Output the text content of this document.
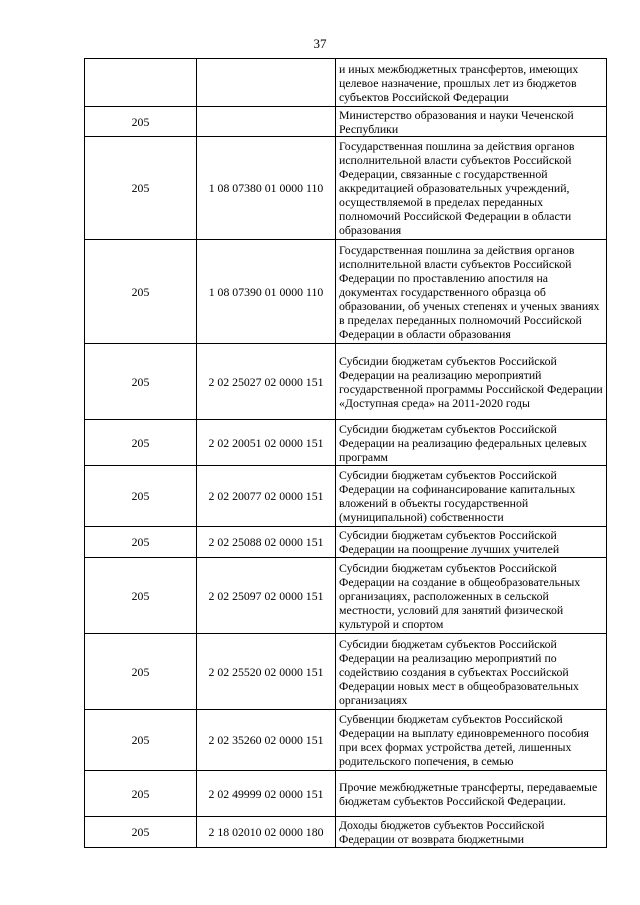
37
		и иных межбюджетных трансфертов, имеющих целевое назначение, прошлых лет из бюджетов субъектов Российской Федерации
205		Министерство образования и науки Чеченской Республики
205	1 08 07380 01 0000 110	Государственная пошлина за действия органов исполнительной власти субъектов Российской Федерации, связанные с государственной аккредитацией образовательных учреждений, осуществляемой в пределах переданных полномочий Российской Федерации в области образования
205	1 08 07390 01 0000 110	Государственная пошлина за действия органов исполнительной власти субъектов Российской Федерации по проставлению апостиля на документах государственного образца об образовании, об ученых степенях и ученых званиях в пределах переданных полномочий Российской Федерации в области образования
205	2 02 25027 02 0000 151	Субсидии бюджетам субъектов Российской Федерации на реализацию мероприятий государственной программы Российской Федерации «Доступная среда» на 2011-2020 годы
205	2 02 20051 02 0000 151	Субсидии бюджетам субъектов Российской Федерации на реализацию федеральных целевых программ
205	2 02 20077 02 0000 151	Субсидии бюджетам субъектов Российской Федерации на софинансирование капитальных вложений в объекты государственной (муниципальной) собственности
205	2 02 25088 02 0000 151	Субсидии бюджетам субъектов Российской Федерации на поощрение лучших учителей
205	2 02 25097 02 0000 151	Субсидии бюджетам субъектов Российской Федерации на создание в общеобразовательных организациях, расположенных в сельской местности, условий для занятий физической культурой и спортом
205	2 02 25520 02 0000 151	Субсидии бюджетам субъектов Российской Федерации на реализацию мероприятий по содействию создания в субъектах Российской Федерации новых мест в общеобразовательных организациях
205	2 02 35260 02 0000 151	Субвенции бюджетам субъектов Российской Федерации на выплату единовременного пособия при всех формах устройства детей, лишенных родительского попечения, в семью
205	2 02 49999 02 0000 151	Прочие межбюджетные трансферты, передаваемые бюджетам субъектов Российской Федерации.
205	2 18 02010 02 0000 180	Доходы бюджетов субъектов Российской Федерации от возврата бюджетными
